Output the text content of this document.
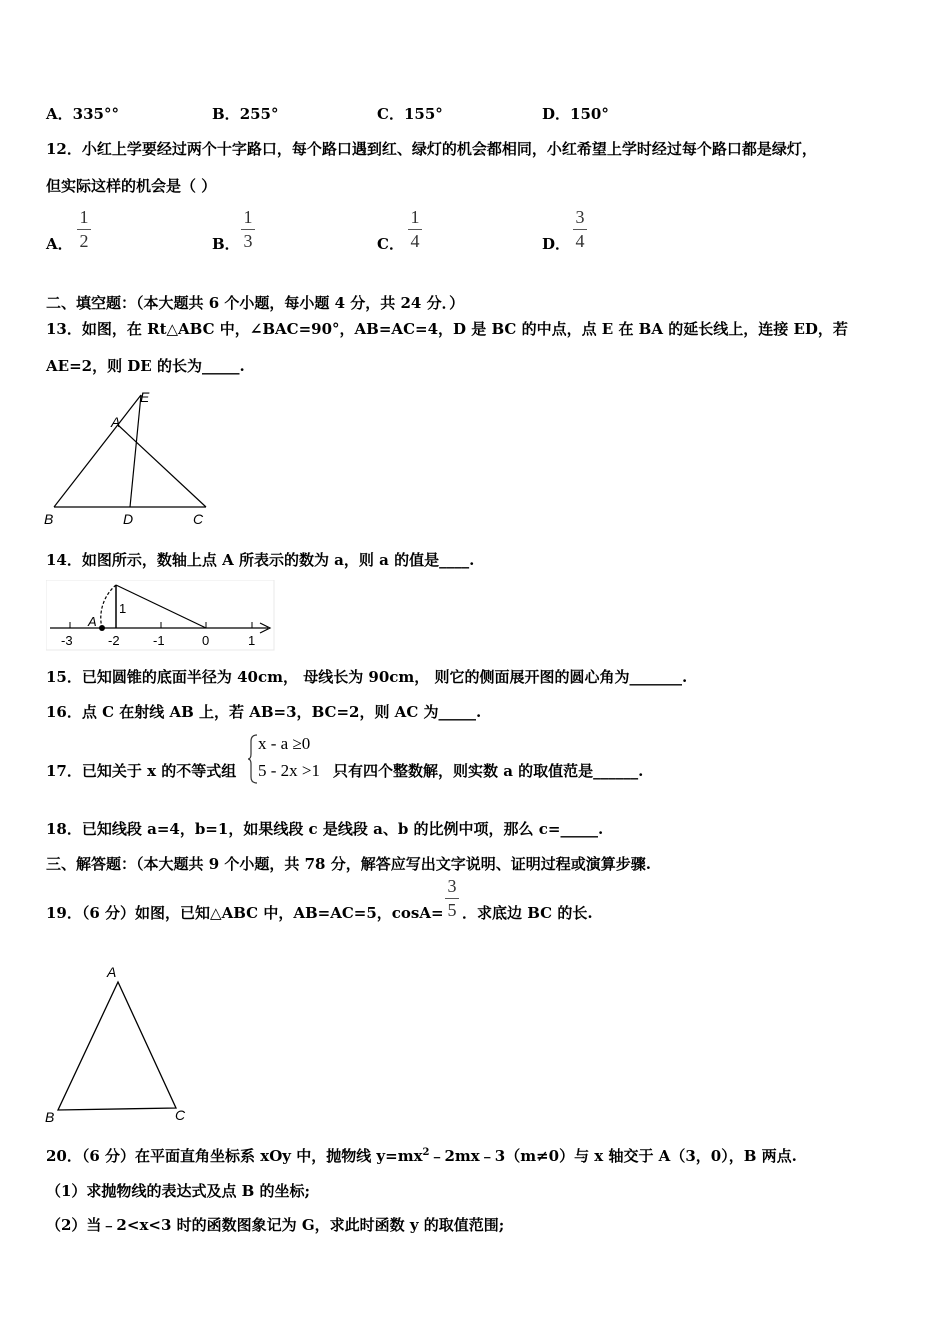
A．335°°	B．255°	C．155°	D．150°
12．小红上学要经过两个十字路口，每个路口遇到红、绿灯的机会都相同，小红希望上学时经过每个路口都是绿灯，
但实际这样的机会是（ ）
A．
1
2	B．
1
3	C．
1
4	D．
3
4
二、填空题：（本大题共 6 个小题，每小题 4 分，共 24 分．）
13．如图，在 Rt△ABC 中，∠BAC=90°，AB=AC=4，D 是 BC 的中点，点 E 在 BA 的延长线上，连接 ED，若
AE=2，则 DE 的长为_____.
E
A
B	D	C
14．如图所示，数轴上点 A 所表示的数为 a，则 a 的值是____.
A
1
-3	-2	-1	0	1
15．已知圆锥的底面半径为 40cm， 母线长为 90cm， 则它的侧面展开图的圆心角为_______.
16．点 C 在射线 AB 上，若 AB=3，BC=2，则 AC 为_____.
17．已知关于 x 的不等式组
x - a ≥0
5 - 2x >1 只有四个整数解，则实数 a 的取值范是______.
18．已知线段 a=4，b=1，如果线段 c 是线段 a、b 的比例中项，那么 c=_____.
三、解答题：（本大题共 9 个小题，共 78 分，解答应写出文字说明、证明过程或演算步骤.
19．（6 分）如图，已知△ABC 中，AB=AC=5，cosA=
3
5 ．求底边 BC 的长.
A
B	C
20．（6 分）在平面直角坐标系 xOy 中，抛物线 $y=mx^2﹣2mx﹣3(m\ne 0)$与 x 轴交于 A（3，0），B 两点.
（1）求抛物线的表达式及点 B 的坐标;
（2）当﹣2<x<3 时的函数图象记为 G，求此时函数 y 的取值范围;
